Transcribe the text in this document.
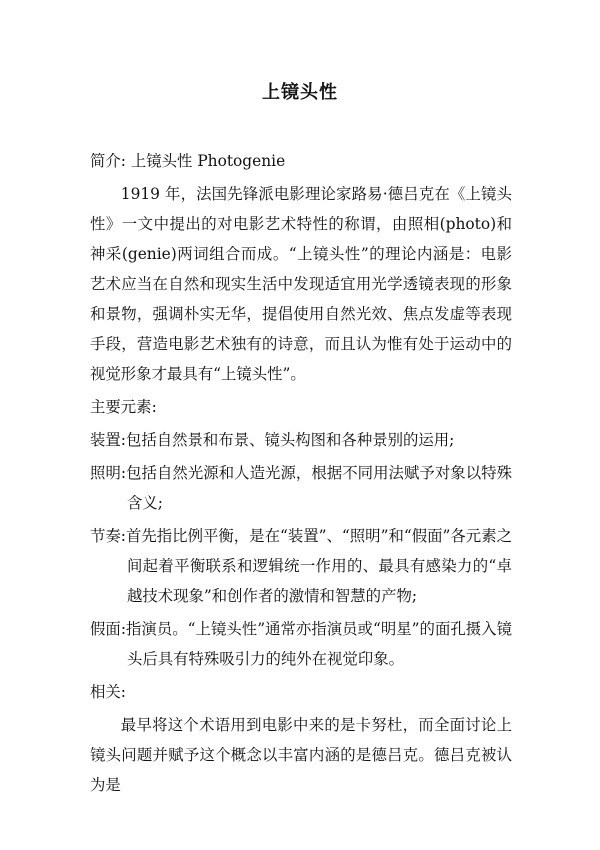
上镜头性

简介: 上镜头性 Photogenie

1919 年，法国先锋派电影理论家路易·德吕克在《上镜头性》一文中提出的对电影艺术特性的称谓，由照相(photo)和神采(genie)两词组合而成。“上镜头性”的理论内涵是：电影艺术应当在自然和现实生活中发现适宜用光学透镜表现的形象和景物，强调朴实无华，提倡使用自然光效、焦点发虚等表现手段，营造电影艺术独有的诗意，而且认为惟有处于运动中的视觉形象才最具有“上镜头性”。

主要元素:

装置:包括自然景和布景、镜头构图和各种景别的运用;

照明:包括自然光源和人造光源，根据不同用法赋予对象以特殊含义;

节奏:首先指比例平衡，是在“装置”、“照明”和“假面”各元素之间起着平衡联系和逻辑统一作用的、最具有感染力的“卓越技术现象”和创作者的激情和智慧的产物;

假面:指演员。“上镜头性”通常亦指演员或“明星”的面孔摄入镜头后具有特殊吸引力的纯外在视觉印象。

相关:

最早将这个术语用到电影中来的是卡努杜，而全面讨论上镜头问题并赋予这个概念以丰富内涵的是德吕克。德吕克被认为是
